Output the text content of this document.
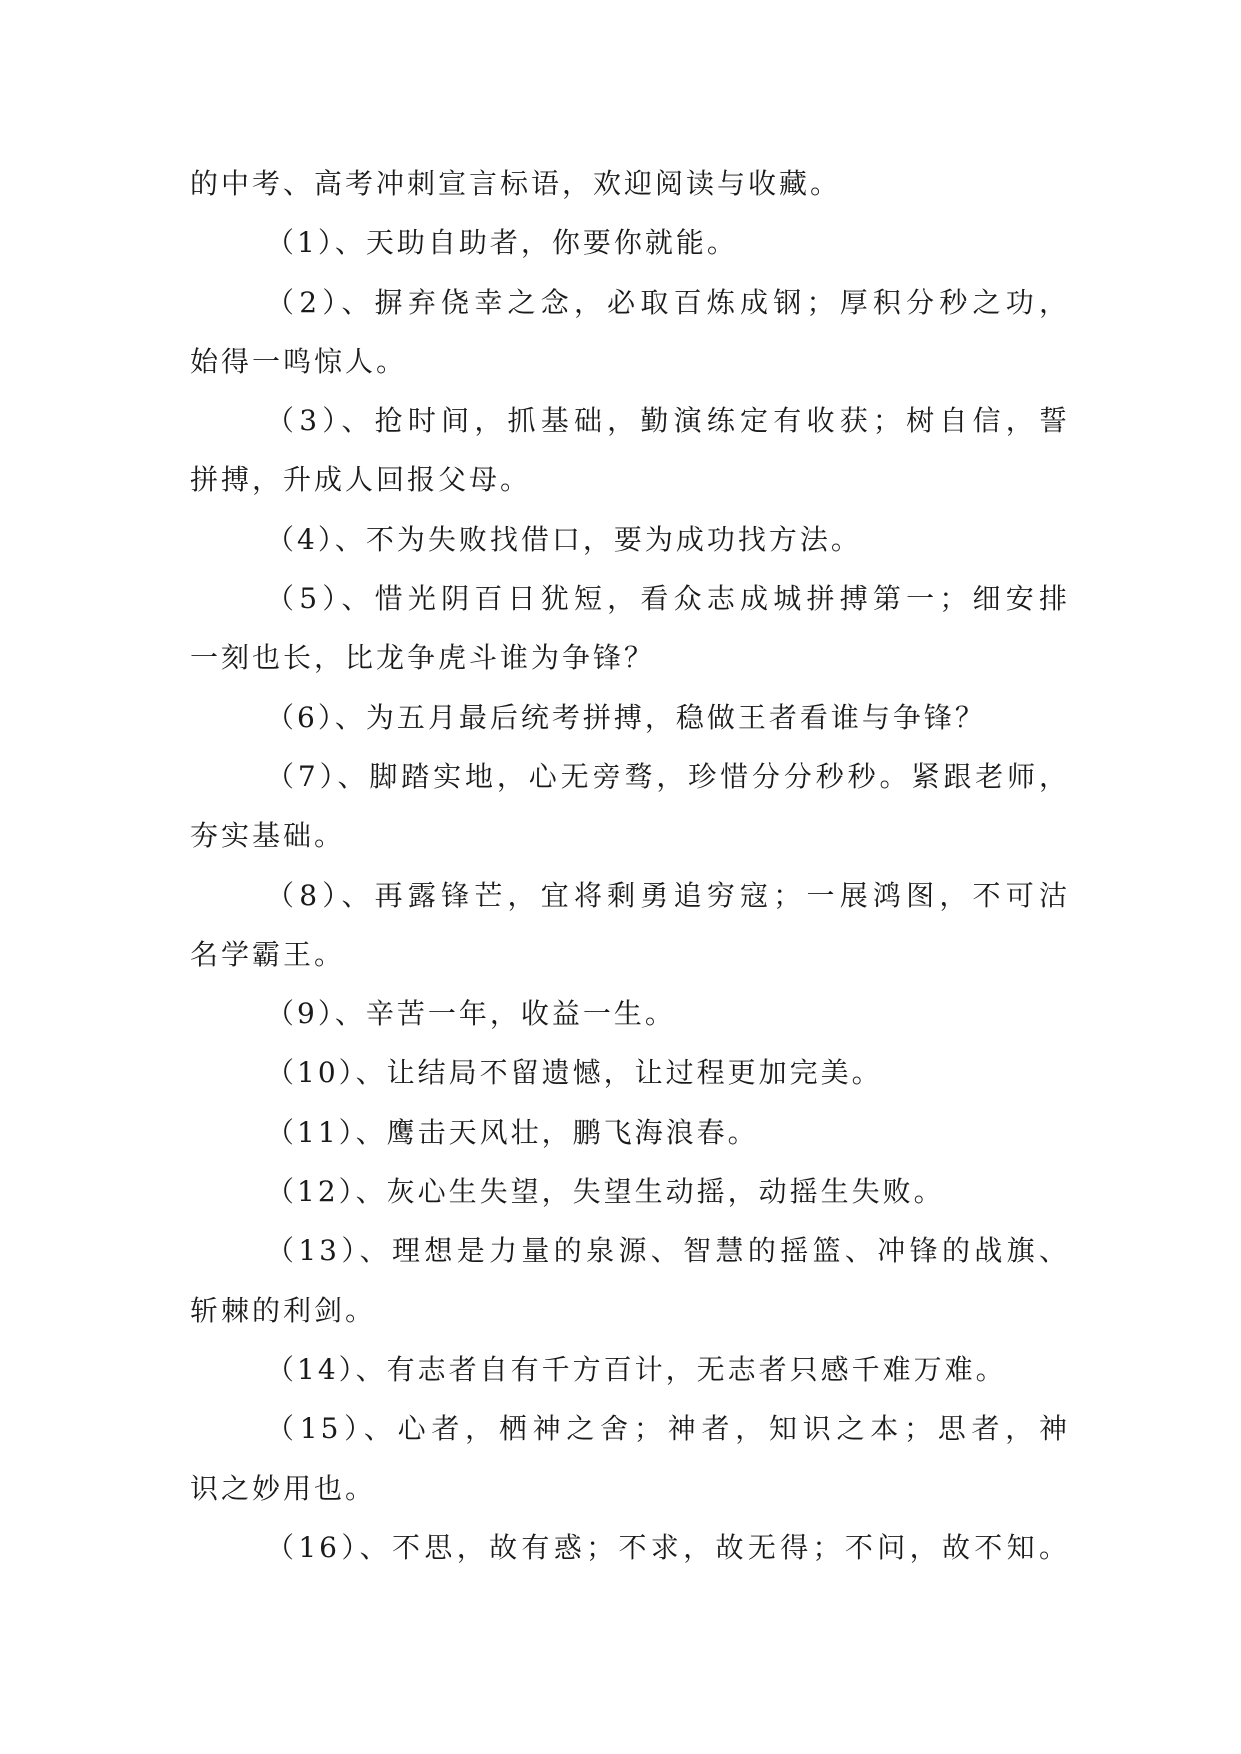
的中考、高考冲刺宣言标语，欢迎阅读与收藏。
（1）、天助自助者，你要你就能。
（2）、摒弃侥幸之念，必取百炼成钢；厚积分秒之功，
始得一鸣惊人。
（3）、抢时间，抓基础，勤演练定有收获；树自信，誓
拼搏，升成人回报父母。
（4）、不为失败找借口，要为成功找方法。
（5）、惜光阴百日犹短，看众志成城拼搏第一；细安排
一刻也长，比龙争虎斗谁为争锋？
（6）、为五月最后统考拼搏，稳做王者看谁与争锋？
（7）、脚踏实地，心无旁骛，珍惜分分秒秒。紧跟老师，
夯实基础。
（8）、再露锋芒，宜将剩勇追穷寇；一展鸿图，不可沽
名学霸王。
（9）、辛苦一年，收益一生。
（10）、让结局不留遗憾，让过程更加完美。
（11）、鹰击天风壮，鹏飞海浪春。
（12）、灰心生失望，失望生动摇，动摇生失败。
（13）、理想是力量的泉源、智慧的摇篮、冲锋的战旗、
斩棘的利剑。
（14）、有志者自有千方百计，无志者只感千难万难。
（15）、心者，栖神之舍；神者，知识之本；思者，神
识之妙用也。
（16）、不思，故有惑；不求，故无得；不问，故不知。
